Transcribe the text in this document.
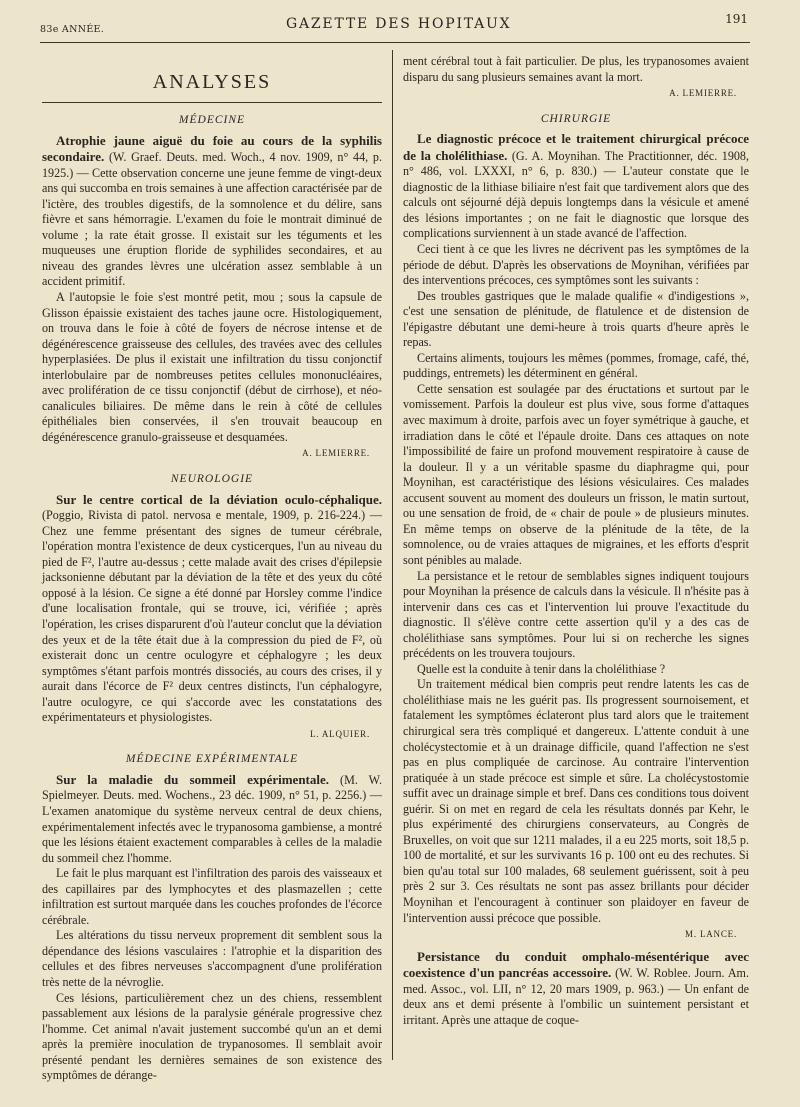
83e ANNÉE.	GAZETTE DES HOPITAUX	191
ANALYSES
MÉDECINE

Atrophie jaune aiguë du foie au cours de la syphilis secondaire. (W. Graef. Deuts. med. Woch., 4 nov. 1909, n° 44, p. 1925.) — Cette observation concerne une jeune femme de vingt-deux ans qui succomba en trois semaines à une affection caractérisée par de l'ictère, des troubles digestifs, de la somnolence et du délire, sans fièvre et sans hémorragie. L'examen du foie le montrait diminué de volume ; la rate était grosse. Il existait sur les téguments et les muqueuses une éruption floride de syphilides secondaires, et au niveau des grandes lèvres une ulcération assez semblable à un accident primitif.

A l'autopsie le foie s'est montré petit, mou ; sous la capsule de Glisson épaissie existaient des taches jaune ocre. Histologiquement, on trouva dans le foie à côté de foyers de nécrose intense et de dégénérescence graisseuse des cellules, des travées avec des cellules hyperplasiées. De plus il existait une infiltration du tissu conjonctif interlobulaire par de nombreuses petites cellules mononucléaires, avec prolifération de ce tissu conjonctif (début de cirrhose), et néo-canalicules biliaires. De même dans le rein à côté de cellules épithéliales bien conservées, il s'en trouvait beaucoup en dégénérescence granulo-graisseuse et desquamées.

A. LEMIERRE.
NEUROLOGIE

Sur le centre cortical de la déviation oculo-céphalique. (Poggio, Rivista di patol. nervosa e mentale, 1909, p. 216-224.) — Chez une femme présentant des signes de tumeur cérébrale, l'opération montra l'existence de deux cysticerques, l'un au niveau du pied de F², l'autre au-dessus ; cette malade avait des crises d'épilepsie jacksonienne débutant par la déviation de la tête et des yeux du côté opposé à la lésion. Ce signe a été donné par Horsley comme l'indice d'une localisation frontale, qui se trouve, ici, vérifiée ; après l'opération, les crises disparurent d'où l'auteur conclut que la déviation des yeux et de la tête était due à la compression du pied de F², où existerait donc un centre oculogyre et céphalogyre ; les deux symptômes s'étant parfois montrés dissociés, au cours des crises, il y aurait dans l'écorce de F² deux centres distincts, l'un céphalogyre, l'autre oculogyre, ce qui s'accorde avec les constatations des expérimentateurs et physiologistes.

L. ALQUIER.
MÉDECINE EXPÉRIMENTALE

Sur la maladie du sommeil expérimentale. (M. W. Spielmeyer. Deuts. med. Wochens., 23 déc. 1909, n° 51, p. 2256.) — L'examen anatomique du système nerveux central de deux chiens, expérimentalement infectés avec le trypanosoma gambiense, a montré que les lésions étaient exactement comparables à celles de la maladie du sommeil chez l'homme.

Le fait le plus marquant est l'infiltration des parois des vaisseaux et des capillaires par des lymphocytes et des plasmazellen ; cette infiltration est surtout marquée dans les couches profondes de l'écorce cérébrale.

Les altérations du tissu nerveux proprement dit semblent sous la dépendance des lésions vasculaires : l'atrophie et la disparition des cellules et des fibres nerveuses s'accompagnent d'une prolifération très nette de la névroglie.

Ces lésions, particulièrement chez un des chiens, ressemblent passablement aux lésions de la paralysie générale progressive chez l'homme. Cet animal n'avait justement succombé qu'un an et demi après la première inoculation de trypanosomes. Il semblait avoir présenté pendant les dernières semaines de son existence des symptômes de dérange-

ment cérébral tout à fait particulier. De plus, les trypanosomes avaient disparu du sang plusieurs semaines avant la mort.

A. LEMIERRE.
CHIRURGIE

Le diagnostic précoce et le traitement chirurgical précoce de la cholélithiase. (G. A. Moynihan. The Practitionner, déc. 1908, n° 486, vol. LXXXI, n° 6, p. 830.) — L'auteur constate que le diagnostic de la lithiase biliaire n'est fait que tardivement alors que des calculs ont séjourné déjà depuis longtemps dans la vésicule et amené des lésions importantes ; on ne fait le diagnostic que lorsque des complications surviennent à un stade avancé de l'affection.

Ceci tient à ce que les livres ne décrivent pas les symptômes de la période de début. D'après les observations de Moynihan, vérifiées par des interventions précoces, ces symptômes sont les suivants :

Des troubles gastriques que le malade qualifie « d'indigestions », c'est une sensation de plénitude, de flatulence et de distension de l'épigastre débutant une demi-heure à trois quarts d'heure après le repas.

Certains aliments, toujours les mêmes (pommes, fromage, café, thé, puddings, entremets) les déterminent en général.

Cette sensation est soulagée par des éructations et surtout par le vomissement. Parfois la douleur est plus vive, sous forme d'attaques avec maximum à droite, parfois avec un foyer symétrique à gauche, et irradiation dans le côté et l'épaule droite. Dans ces attaques on note l'impossibilité de faire un profond mouvement respiratoire à cause de la douleur. Il y a un véritable spasme du diaphragme qui, pour Moynihan, est caractéristique des lésions vésiculaires. Ces malades accusent souvent au moment des douleurs un frisson, le matin surtout, ou une sensation de froid, de « chair de poule » de plusieurs minutes. En même temps on observe de la plénitude de la tête, de la somnolence, ou de vraies attaques de migraines, et les efforts d'esprit sont pénibles au malade.

La persistance et le retour de semblables signes indiquent toujours pour Moynihan la présence de calculs dans la vésicule. Il n'hésite pas à intervenir dans ces cas et l'intervention lui prouve l'exactitude du diagnostic. Il s'élève contre cette assertion qu'il y a des cas de cholélithiase sans symptômes. Pour lui si on recherche les signes précédents on les trouvera toujours.

Quelle est la conduite à tenir dans la cholélithiase ?

Un traitement médical bien compris peut rendre latents les cas de cholélithiase mais ne les guérit pas. Ils progressent sournoisement, et fatalement les symptômes éclateront plus tard alors que le traitement chirurgical sera très compliqué et dangereux. L'attente conduit à une cholécystectomie et à un drainage difficile, quand l'affection ne s'est pas en plus compliquée de carcinose. Au contraire l'intervention pratiquée à un stade précoce est simple et sûre. La cholécystostomie suffit avec un drainage simple et bref. Dans ces conditions tous doivent guérir. Si on met en regard de cela les résultats donnés par Kehr, le plus expérimenté des chirurgiens conservateurs, au Congrès de Bruxelles, on voit que sur 1211 malades, il a eu 225 morts, soit 18,5 p. 100 de mortalité, et sur les survivants 16 p. 100 ont eu des rechutes. Si bien qu'au total sur 100 malades, 68 seulement guérissent, soit à peu près 2 sur 3. Ces résultats ne sont pas assez brillants pour décider Moynihan et l'encouragent à continuer son plaidoyer en faveur de l'intervention aussi précoce que possible.

M. LANCE.

Persistance du conduit omphalo-mésentérique avec coexistence d'un pancréas accessoire. (W. W. Roblee. Journ. Am. med. Assoc., vol. LII, n° 12, 20 mars 1909, p. 963.) — Un enfant de deux ans et demi présente à l'ombilic un suintement persistant et irritant. Après une attaque de coque-
